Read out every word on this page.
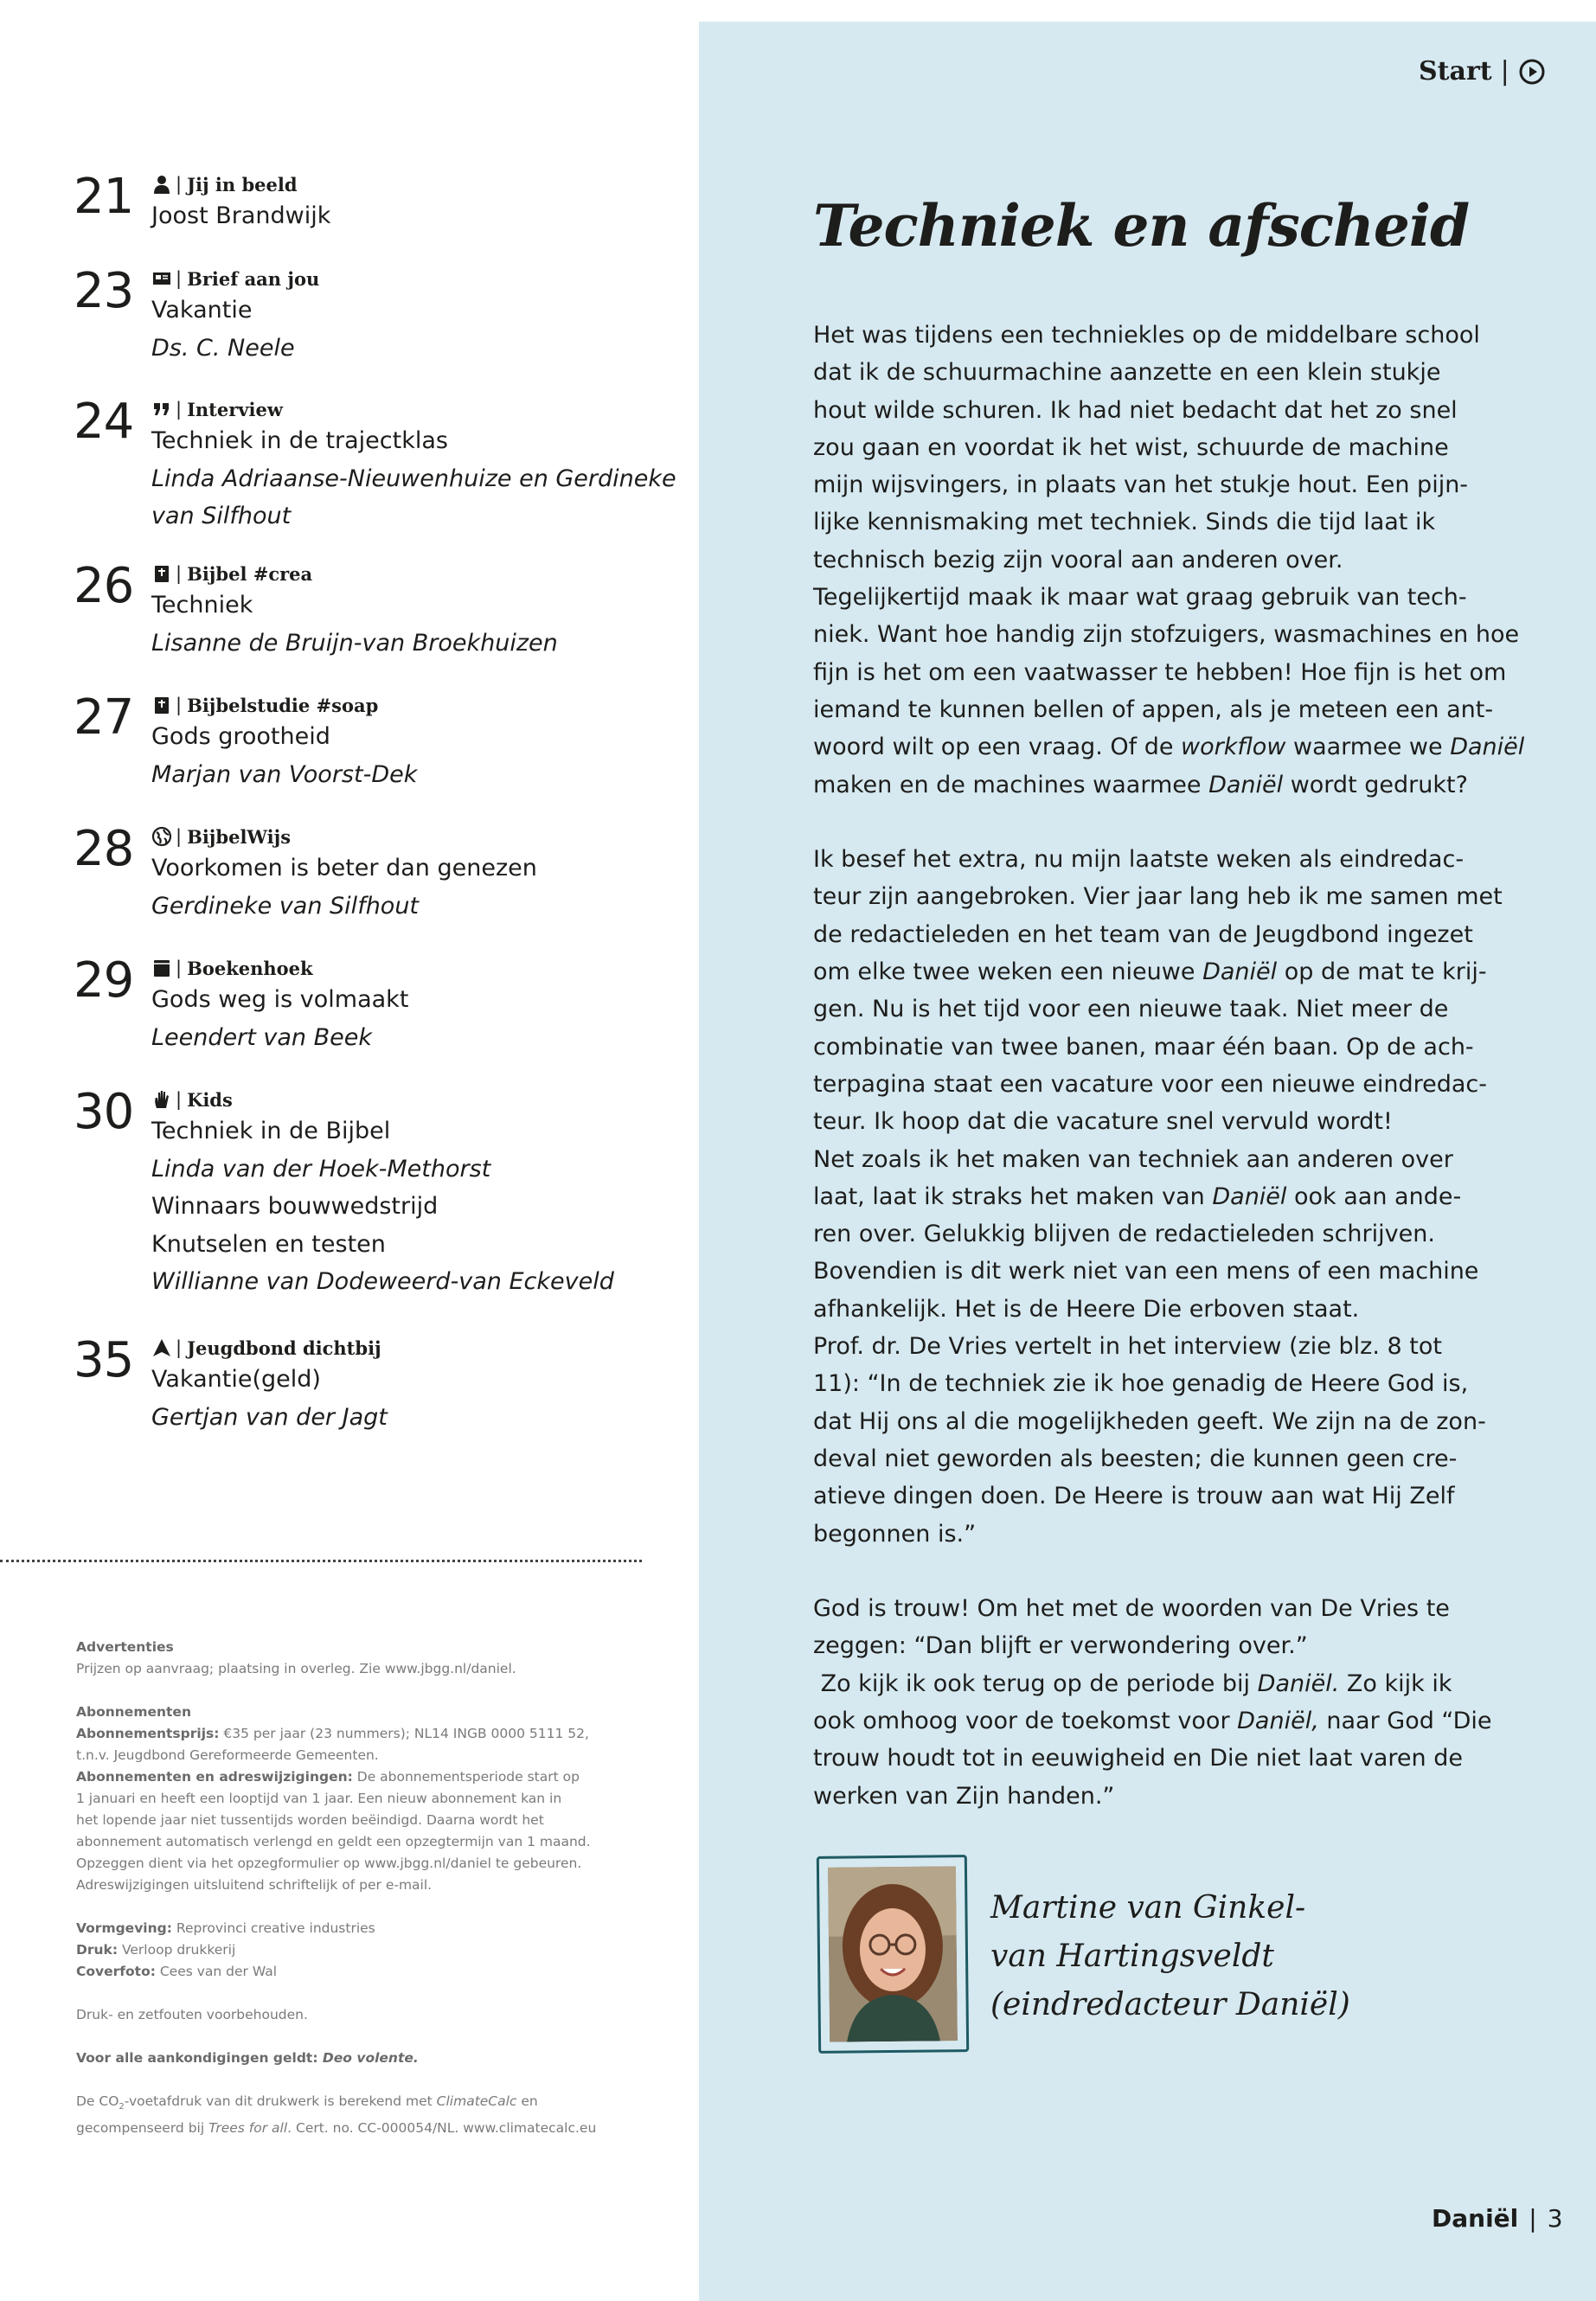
Start |
21 | Jij in beeld
Joost Brandwijk
23 | Brief aan jou
Vakantie
Ds. C. Neele
24 | Interview
Techniek in de trajectklas
Linda Adriaanse-Nieuwenhuize en Gerdineke
van Silfhout
26 | Bijbel #crea
Techniek
Lisanne de Bruijn-van Broekhuizen
27 | Bijbelstudie #soap
Gods grootheid
Marjan van Voorst-Dek
28 | BijbelWijs
Voorkomen is beter dan genezen
Gerdineke van Silfhout
29 | Boekenhoek
Gods weg is volmaakt
Leendert van Beek
30 | Kids
Techniek in de Bijbel
Linda van der Hoek-Methorst
Winnaars bouwwedstrijd
Knutselen en testen
Willianne van Dodeweerd-van Eckeveld
35 | Jeugdbond dichtbij
Vakantie(geld)
Gertjan van der Jagt
Advertenties
Prijzen op aanvraag; plaatsing in overleg. Zie www.jbgg.nl/daniel.
Abonnementen
Abonnementsprijs: €35 per jaar (23 nummers); NL14 INGB 0000 5111 52,
t.n.v. Jeugdbond Gereformeerde Gemeenten.
Abonnementen en adreswijzigingen: De abonnementsperiode start op
1 januari en heeft een looptijd van 1 jaar. Een nieuw abonnement kan in
het lopende jaar niet tussentijds worden beëindigd. Daarna wordt het
abonnement automatisch verlengd en geldt een opzegtermijn van 1 maand.
Opzeggen dient via het opzegformulier op www.jbgg.nl/daniel te gebeuren.
Adreswijzigingen uitsluitend schriftelijk of per e-mail.
Vormgeving: Reprovinci creative industries
Druk: Verloop drukkerij
Coverfoto: Cees van der Wal
Druk- en zetfouten voorbehouden.
Voor alle aankondigingen geldt: Deo volente.
De $CO_2$-voetafdruk van dit drukwerk is berekend met ClimateCalc en
gecompenseerd bij Trees for all. Cert. no. CC-000054/NL. www.climatecalc.eu
Techniek en afscheid
Het was tijdens een techniekles op de middelbare school
dat ik de schuurmachine aanzette en een klein stukje
hout wilde schuren. Ik had niet bedacht dat het zo snel
zou gaan en voordat ik het wist, schuurde de machine
mijn wijsvingers, in plaats van het stukje hout. Een pijn-
lijke kennismaking met techniek. Sinds die tijd laat ik
technisch bezig zijn vooral aan anderen over.
Tegelijkertijd maak ik maar wat graag gebruik van tech-
niek. Want hoe handig zijn stofzuigers, wasmachines en hoe
fijn is het om een vaatwasser te hebben! Hoe fijn is het om
iemand te kunnen bellen of appen, als je meteen een ant-
woord wilt op een vraag. Of de workflow waarmee we Daniël
maken en de machines waarmee Daniël wordt gedrukt?
Ik besef het extra, nu mijn laatste weken als eindredac-
teur zijn aangebroken. Vier jaar lang heb ik me samen met
de redactieleden en het team van de Jeugdbond ingezet
om elke twee weken een nieuwe Daniël op de mat te krij-
gen. Nu is het tijd voor een nieuwe taak. Niet meer de
combinatie van twee banen, maar één baan. Op de ach-
terpagina staat een vacature voor een nieuwe eindredac-
teur. Ik hoop dat die vacature snel vervuld wordt!
Net zoals ik het maken van techniek aan anderen over
laat, laat ik straks het maken van Daniël ook aan ande-
ren over. Gelukkig blijven de redactieleden schrijven.
Bovendien is dit werk niet van een mens of een machine
afhankelijk. Het is de Heere Die erboven staat.
Prof. dr. De Vries vertelt in het interview (zie blz. 8 tot
11): “In de techniek zie ik hoe genadig de Heere God is,
dat Hij ons al die mogelijkheden geeft. We zijn na de zon-
deval niet geworden als beesten; die kunnen geen cre-
atieve dingen doen. De Heere is trouw aan wat Hij Zelf
begonnen is.”
God is trouw! Om het met de woorden van De Vries te
zeggen: “Dan blijft er verwondering over.”
Zo kijk ik ook terug op de periode bij Daniël. Zo kijk ik
ook omhoog voor de toekomst voor Daniël, naar God “Die
trouw houdt tot in eeuwigheid en Die niet laat varen de
werken van Zijn handen.”
Martine van Ginkel-
van Hartingsveldt
(eindredacteur Daniël)
Daniël | 3
